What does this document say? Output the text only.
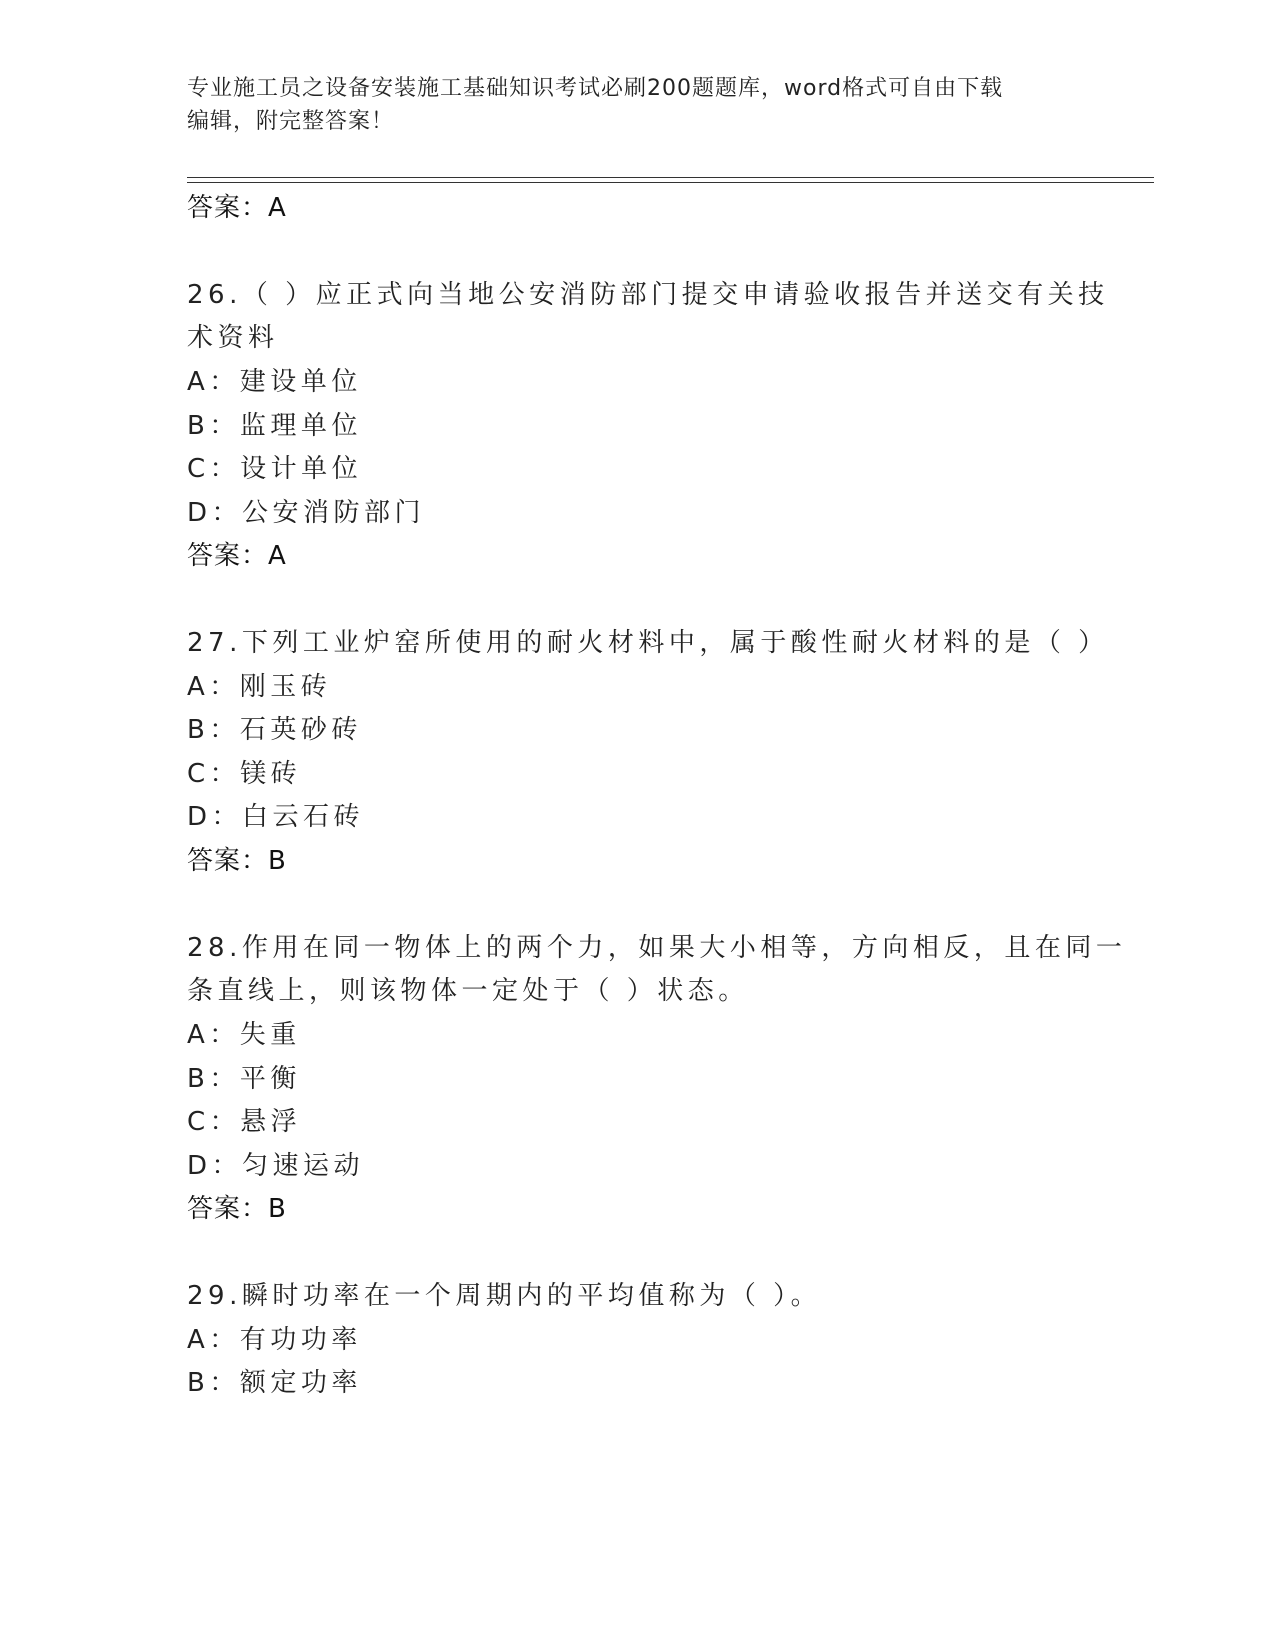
专业施工员之设备安装施工基础知识考试必刷200题题库，word格式可自由下载
编辑，附完整答案！
答案：A
26.（ ）应正式向当地公安消防部门提交申请验收报告并送交有关技
术资料
A：建设单位
B：监理单位
C：设计单位
D：公安消防部门
答案：A
27.下列工业炉窑所使用的耐火材料中，属于酸性耐火材料的是（ ）
A：刚玉砖
B：石英砂砖
C：镁砖
D：白云石砖
答案：B
28.作用在同一物体上的两个力，如果大小相等，方向相反，且在同一
条直线上，则该物体一定处于（ ）状态。
A：失重
B：平衡
C：悬浮
D：匀速运动
答案：B
29.瞬时功率在一个周期内的平均值称为（ ）。
A：有功功率
B：额定功率
